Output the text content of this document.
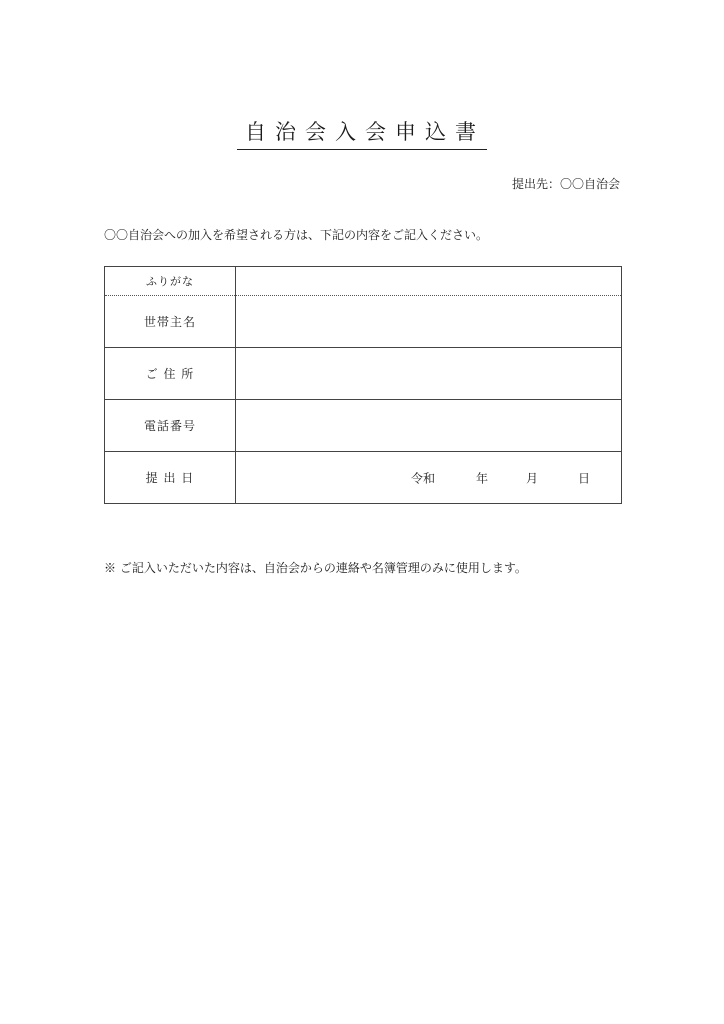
自治会入会申込書
提出先：〇〇自治会
〇〇自治会への加入を希望される方は、下記の内容をご記入ください。
ふりがな	
世帯主名	
ご 住 所	
電話番号	
提 出 日	令和 年 月 日
※ ご記入いただいた内容は、自治会からの連絡や名簿管理のみに使用します。
